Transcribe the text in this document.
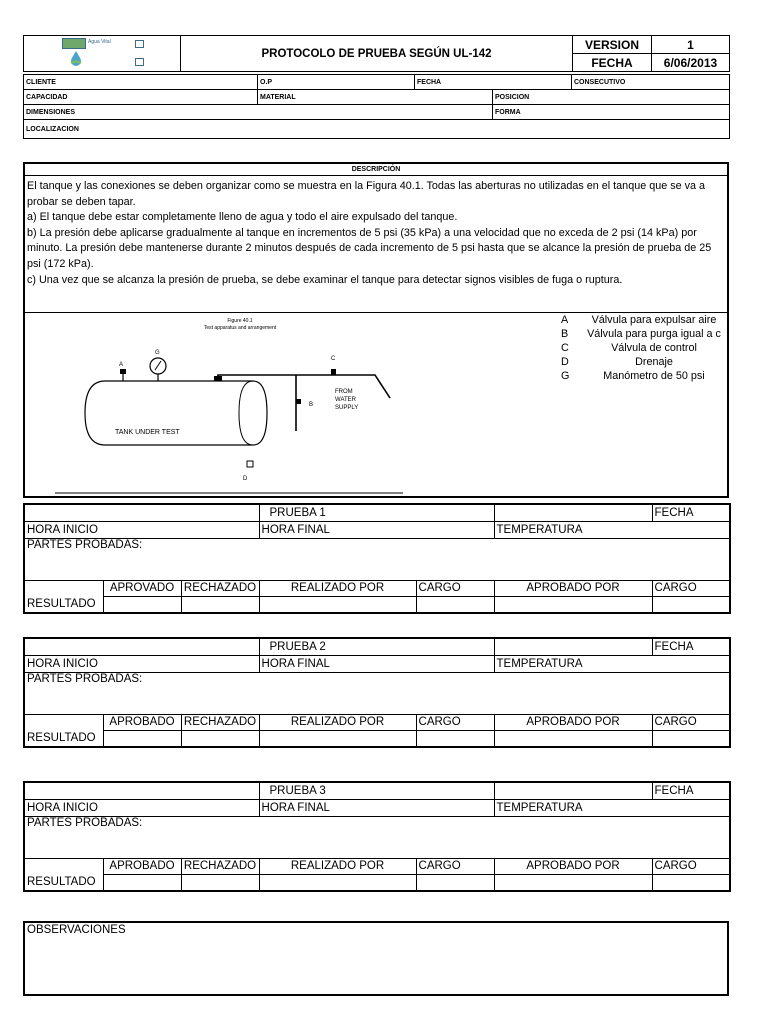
Agua Vital	PROTOCOLO DE PRUEBA SEGÚN UL-142	VERSION	1
		FECHA	6/06/2013
CLIENTE	O.P	FECHA		CONSECUTIVO
CAPACIDAD	MATERIAL		POSICION	
DIMENSIONES			FORMA	
LOCALIZACION				
DESCRIPCIÓN
El tanque y las conexiones se deben organizar como se muestra en la Figura 40.1. Todas las aberturas no utilizadas en el tanque que se va a probar se deben tapar.
a) El tanque debe estar completamente lleno de agua y todo el aire expulsado del tanque.
b) La presión debe aplicarse gradualmente al tanque en incrementos de 5 psi (35 kPa) a una velocidad que no exceda de 2 psi (14 kPa) por minuto. La presión debe mantenerse durante 2 minutos después de cada incremento de 5 psi hasta que se alcance la presión de prueba de 25 psi (172 kPa).
c) Una vez que se alcanza la presión de prueba, se debe examinar el tanque para detectar signos visibles de fuga o ruptura.
Figure 40.1
Test apparatus and arrangement
TANK UNDER TEST
A
G
C
B
FROM
WATER
SUPPLY
D
A	Válvula para expulsar aire
B	Válvula para purga igual a c
C	Válvula de control
D	Drenaje
G	Manómetro de 50 psi
			PRUEBA 1			FECHA
HORA INICIO			HORA FINAL		TEMPERATURA	
PARTES PROBADAS:						
	APROVADO	RECHAZADO	REALIZADO POR	CARGO	APROBADO POR	CARGO
RESULTADO						
			PRUEBA 2			FECHA
HORA INICIO			HORA FINAL		TEMPERATURA	
PARTES PROBADAS:						
	APROBADO	RECHAZADO	REALIZADO POR	CARGO	APROBADO POR	CARGO
RESULTADO						
			PRUEBA 3			FECHA
HORA INICIO			HORA FINAL		TEMPERATURA	
PARTES PROBADAS:						
	APROBADO	RECHAZADO	REALIZADO POR	CARGO	APROBADO POR	CARGO
RESULTADO						
OBSERVACIONES
